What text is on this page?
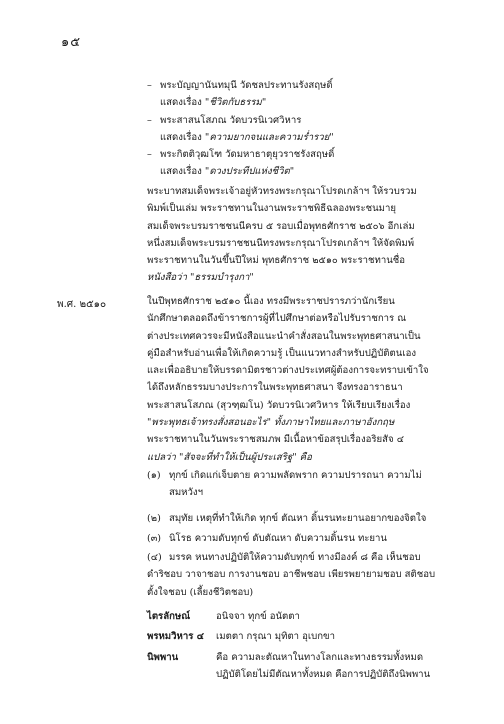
๑๕
– พระบัญญานันทมุนี วัดชลประทานรังสฤษดิ์
แสดงเรื่อง "ชีวิตกับธรรม"
– พระสาสนโสภณ วัดบวรนิเวศวิหาร
แสดงเรื่อง "ความยากจนและความร่ำรวย"
– พระกิตติวุฒโฑ วัดมหาธาตุยุวราชรังสฤษดิ์
แสดงเรื่อง "ดวงประทีปแห่งชีวิต"
พระบาทสมเด็จพระเจ้าอยู่หัวทรงพระกรุณาโปรดเกล้าฯ ให้รวบรวม
พิมพ์เป็นเล่ม พระราชทานในงานพระราชพิธีฉลองพระชนมายุ
สมเด็จพระบรมราชชนนีครบ ๕ รอบเมื่อพุทธศักราช ๒๕๐๖ อีกเล่ม
หนึ่งสมเด็จพระบรมราชชนนีทรงพระกรุณาโปรดเกล้าฯ ให้จัดพิมพ์
พระราชทานในวันขึ้นปีใหม่ พุทธศักราช ๒๕๑๐ พระราชทานชื่อ
หนังสือว่า "ธรรมบำรุงกา"
พ.ศ. ๒๕๑๐	ในปีพุทธศักราช ๒๕๑๐ นี้เอง ทรงมีพระราชปรารภว่านักเรียน
นักศึกษาตลอดถึงข้าราชการผู้ที่ไปศึกษาต่อหรือไปรับราชการ ณ
ต่างประเทศควรจะมีหนังสือแนะนำคำสั่งสอนในพระพุทธศาสนาเป็น
คู่มือสำหรับอ่านเพื่อให้เกิดความรู้ เป็นแนวทางสำหรับปฏิบัติตนเอง
และเพื่ออธิบายให้บรรดามิตรชาวต่างประเทศผู้ต้องการจะทราบเข้าใจ
ได้ถึงหลักธรรมบางประการในพระพุทธศาสนา จึงทรงอาราธนา
พระสาสนโสภณ (สุวฑฺฒโน) วัดบวรนิเวศวิหาร ให้เรียบเรียงเรื่อง
"พระพุทธเจ้าทรงสั่งสอนอะไร" ทั้งภาษาไทยและภาษาอังกฤษ
พระราชทานในวันพระราชสมภพ มีเนื้อหาข้อสรุปเรื่องอริยสัจ ๔
แปลว่า "สัจจะที่ทำให้เป็นผู้ประเสริฐ" คือ
(๑) ทุกข์ เกิดแก่เจ็บตาย ความพลัดพราก ความปรารถนา ความไม่
สมหวังฯ
(๒) สมุทัย เหตุที่ทำให้เกิด ทุกข์ ตัณหา ดิ้นรนทะยานอยากของจิตใจ
(๓) นิโรธ ความดับทุกข์ ดับตัณหา ดับความดิ้นรน ทะยาน
(๔) มรรค หนทางปฏิบัติให้ความดับทุกข์ ทางมีองค์ ๘ คือ เห็นชอบ
ดำริชอบ วาจาชอบ การงานชอบ อาชีพชอบ เพียรพยายามชอบ สติชอบ
ตั้งใจชอบ (เลี้ยงชีวิตชอบ)
ไตรลักษณ์	อนิจจา ทุกข์ อนัตตา
พรหมวิหาร ๔	เมตตา กรุณา มุทิตา อุเบกขา
นิพพาน	คือ ความละตัณหาในทางโลกและทางธรรมทั้งหมด
ปฏิบัติโดยไม่มีตัณหาทั้งหมด คือการปฏิบัติถึงนิพพาน
